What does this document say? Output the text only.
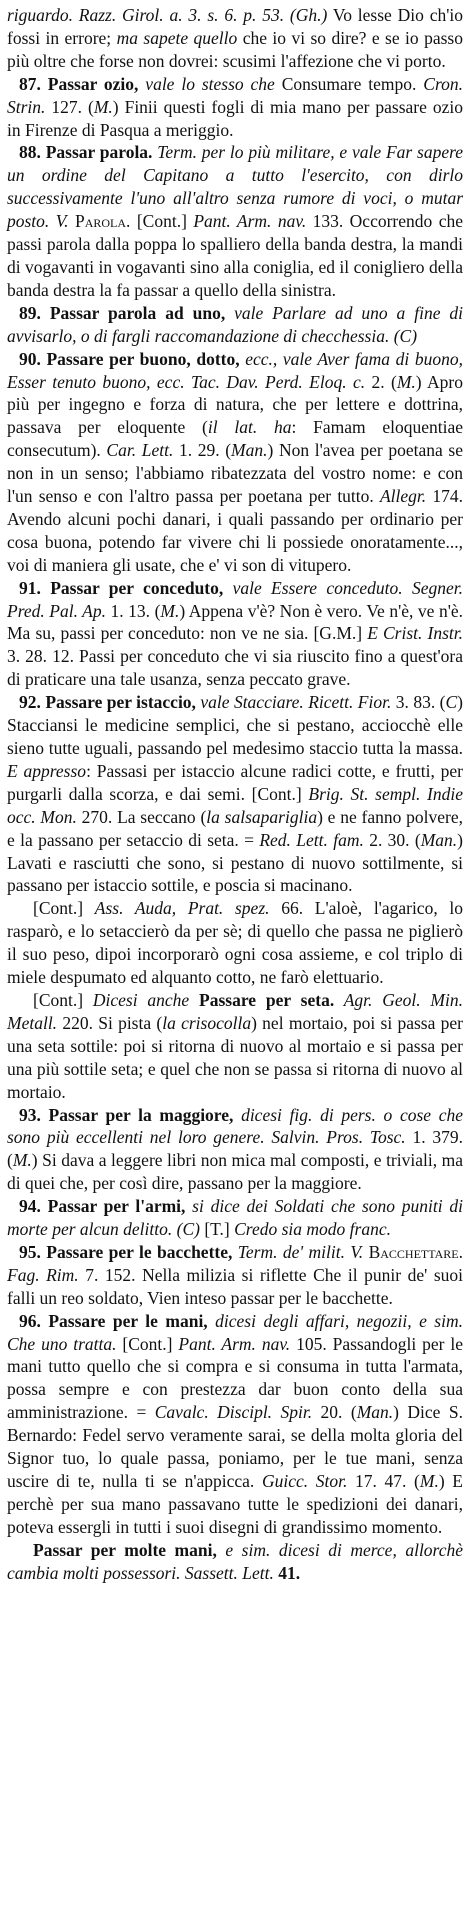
riguardo. Razz. Girol. a. 3. s. 6. p. 53. (Gh.) Vo lesse Dio ch'io fossi in errore; ma sapete quello che io vi so dire? e se io passo più oltre che forse non dovrei: scusimi l'affezione che vi porto.

87. Passar ozio, vale lo stesso che Consumare tempo. Cron. Strin. 127. (M.) Finii questi fogli di mia mano per passare ozio in Firenze di Pasqua a meriggio.

88. Passar parola. Term. per lo più militare, e vale Far sapere un ordine del Capitano a tutto l'esercito, con dirlo successivamente l'uno all'altro senza rumore di voci, o mutar posto. V. Parola. [Cont.] Pant. Arm. nav. 133. Occorrendo che passi parola dalla poppa lo spalliero della banda destra, la mandi di vogavanti in vogavanti sino alla coniglia, ed il conigliero della banda destra la fa passar a quello della sinistra.

89. Passar parola ad uno, vale Parlare ad uno a fine di avvisarlo, o di fargli raccomandazione di checchessia. (C)

90. Passare per buono, dotto, ecc., vale Aver fama di buono, Esser tenuto buono, ecc. Tac. Dav. Perd. Eloq. c. 2. (M.) Apro più per ingegno e forza di natura, che per lettere e dottrina, passava per eloquente (il lat. ha: Famam eloquentiae consecutum). Car. Lett. 1. 29. (Man.) Non l'avea per poetana se non in un senso; l'abbiamo ribatezzata del vostro nome: e con l'un senso e con l'altro passa per poetana per tutto. Allegr. 174. Avendo alcuni pochi danari, i quali passando per ordinario per cosa buona, potendo far vivere chi li possiede onoratamente..., voi di maniera gli usate, che e' vi son di vitupero.

91. Passar per conceduto, vale Essere conceduto. Segner. Pred. Pal. Ap. 1. 13. (M.) Appena v'è? Non è vero. Ve n'è, ve n'è. Ma su, passi per conceduto: non ve ne sia. [G.M.] E Crist. Instr. 3. 28. 12. Passi per conceduto che vi sia riuscito fino a quest'ora di praticare una tale usanza, senza peccato grave.

92. Passare per istaccio, vale Stacciare. Ricett. Fior. 3. 83. (C) Stacciansi le medicine semplici, che si pestano, acciocchè elle sieno tutte uguali, passando pel medesimo staccio tutta la massa. E appresso: Passasi per istaccio alcune radici cotte, e frutti, per purgarli dalla scorza, e dai semi. [Cont.] Brig. St. sempl. Indie occ. Mon. 270. La seccano (la salsapariglia) e ne fanno polvere, e la passano per setaccio di seta. = Red. Lett. fam. 2. 30. (Man.) Lavati e rasciutti che sono, si pestano di nuovo sottilmente, si passano per istaccio sottile, e poscia si macinano.

[Cont.] Ass. Auda, Prat. spez. 66. L'aloè, l'agarico, lo rasparò, e lo setaccierò da per sè; di quello che passa ne piglierò il suo peso, dipoi incorporarò ogni cosa assieme, e col triplo di miele despumato ed alquanto cotto, ne farò elettuario.

[Cont.] Dicesi anche Passare per seta. Agr. Geol. Min. Metall. 220. Si pista (la crisocolla) nel mortaio, poi si passa per una seta sottile: poi si ritorna di nuovo al mortaio e si passa per una più sottile seta; e quel che non se passa si ritorna di nuovo al mortaio.

93. Passar per la maggiore, dicesi fig. di pers. o cose che sono più eccellenti nel loro genere. Salvin. Pros. Tosc. 1. 379. (M.) Si dava a leggere libri non mica mal composti, e triviali, ma di quei che, per così dire, passano per la maggiore.

94. Passar per l'armi, si dice dei Soldati che sono puniti di morte per alcun delitto. (C) [T.] Credo sia modo franc.

95. Passare per le bacchette, Term. de' milit. V. Bacchettare. Fag. Rim. 7. 152. Nella milizia si riflette Che il punir de' suoi falli un reo soldato, Vien inteso passar per le bacchette.

96. Passare per le mani, dicesi degli affari, negozii, e sim. Che uno tratta. [Cont.] Pant. Arm. nav. 105. Passandogli per le mani tutto quello che si compra e si consuma in tutta l'armata, possa sempre e con prestezza dar buon conto della sua amministrazione. = Cavalc. Discipl. Spir. 20. (Man.) Dice S. Bernardo: Fedel servo veramente sarai, se della molta gloria del Signor tuo, lo quale passa, poniamo, per le tue mani, senza uscire di te, nulla ti se n'appicca. Guicc. Stor. 17. 47. (M.) E perchè per sua mano passavano tutte le spedizioni dei danari, poteva essergli in tutti i suoi disegni di grandissimo momento.

Passar per molte mani, e sim. dicesi di merce, allorchè cambia molti possessori. Sassett. Lett. 41.
